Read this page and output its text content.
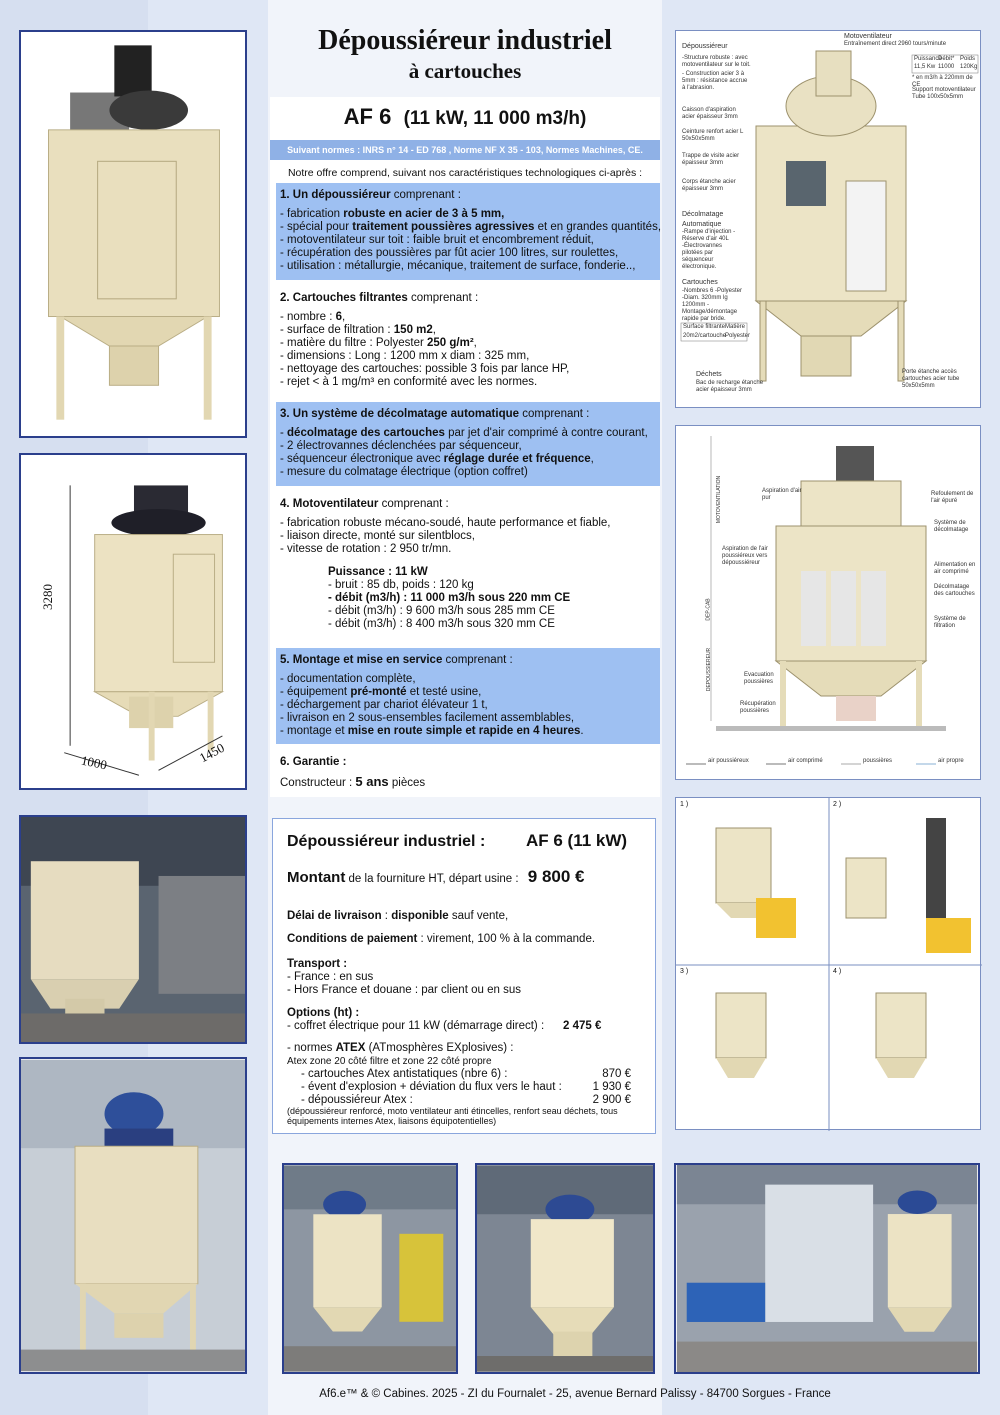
3280
1000	1450
Dépoussiéreur industriel
à cartouches
AF 6 (11 kW, 11 000 m3/h)
Suivant normes : INRS n° 14 - ED 768 , Norme NF X 35 - 103, Normes Machines, CE.
Notre offre comprend, suivant nos caractéristiques technologiques ci-après :
1. Un dépoussiéreur comprenant :
- fabrication robuste en acier de 3 à 5 mm,
- spécial pour traitement poussières agressives et en grandes quantités,
- motoventilateur sur toit : faible bruit et encombrement réduit,
- récupération des poussières par fût acier 100 litres, sur roulettes,
- utilisation : métallurgie, mécanique, traitement de surface, fonderie..,
2. Cartouches filtrantes comprenant :
- nombre : 6,
- surface de filtration : 150 m2,
- matière du filtre : Polyester 250 g/m²,
- dimensions : Long : 1200 mm x diam : 325 mm,
- nettoyage des cartouches: possible 3 fois par lance HP,
- rejet < à 1 mg/m³ en conformité avec les normes.
3. Un système de décolmatage automatique comprenant :
- décolmatage des cartouches par jet d'air comprimé à contre courant,
- 2 électrovannes déclenchées par séquenceur,
- séquenceur électronique avec réglage durée et fréquence,
- mesure du colmatage électrique (option coffret)
4. Motoventilateur comprenant :
- fabrication robuste mécano-soudé, haute performance et fiable,
- liaison directe, monté sur silentblocs,
- vitesse de rotation : 2 950 tr/mn.
Puissance : 11 kW
- bruit : 85 db, poids : 120 kg
- débit (m3/h) : 11 000 m3/h sous 220 mm CE
- débit (m3/h) : 9 600 m3/h sous 285 mm CE
- débit (m3/h) : 8 400 m3/h sous 320 mm CE
5. Montage et mise en service comprenant :
- documentation complète,
- équipement pré-monté et testé usine,
- déchargement par chariot élévateur 1 t,
- livraison en 2 sous-ensembles facilement assemblables,
- montage et mise en route simple et rapide en 4 heures.
6. Garantie :
Constructeur : 5 ans pièces
Dépoussiéreur industriel : AF 6 (11 kW)
Montant de la fourniture HT, départ usine : 9 800 €
Délai de livraison : disponible sauf vente,
Conditions de paiement : virement, 100 % à la commande.
Transport :
- France : en sus
- Hors France et douane : par client ou en sus
Options (ht) :
- coffret électrique pour 11 kW (démarrage direct) : 2 475 €
- normes ATEX (ATmosphères EXplosives) :
Atex zone 20 côté filtre et zone 22 côté propre
- cartouches Atex antistatiques (nbre 6) :	870 €
- évent d'explosion + déviation du flux vers le haut :	1 930 €
- dépoussiéreur Atex :	2 900 €
(dépoussiéreur renforcé, moto ventilateur anti étincelles, renfort seau déchets, tous
équipements internes Atex, liaisons équipotentielles)
Dépoussiéreur
-Structure robuste : avec motoventilateur sur le toit.
- Construction acier 3 à 5mm : résistance accrue à l'abrasion.
Motoventilateur
Entraînement direct 2960 tours/minute
Puissance
Débit* Poids
11,5 Kw 11000 120Kg
* en m3/h à 220mm de CE
Support motoventilateur Tube 100x50x5mm
Caisson d'aspiration acier épaisseur 3mm
Ceinture renfort acier L 50x50x5mm
Trappe de visite acier épaisseur 3mm
Corps étanche acier épaisseur 3mm
Décolmatage
Automatique
-Rampe d'injection -Réserve d'air 40L -Électrovannes pilotées par séquenceur électronique.
Cartouches
-Nombres 6 -Polyester -Diam. 320mm lg 1200mm -Montage/démontage rapide par bride.
Surface filtrante Matière
20m2/cartouche
Polyester
Déchets
Bac de recharge étanche acier épaisseur 3mm
Porte étanche accès cartouches acier tube 50x50x5mm
MOTOVENTILATION
DEP-CAB
DEPOUSSIEREUR
Aspiration d'air pur
Refoulement de l'air épuré
Aspiration de l'air poussiéreux vers dépoussiéreur
Système de décolmatage
Alimentation en air comprimé
Décolmatage des cartouches
Système de filtration
Evacuation poussières
Récupération poussières
air poussiéreux	air comprimé	poussières	air propre
1 )	2 )
3 )	4 )
Af6.e™ & © Cabines. 2025 - ZI du Fournalet - 25, avenue Bernard Palissy - 84700 Sorgues - France
